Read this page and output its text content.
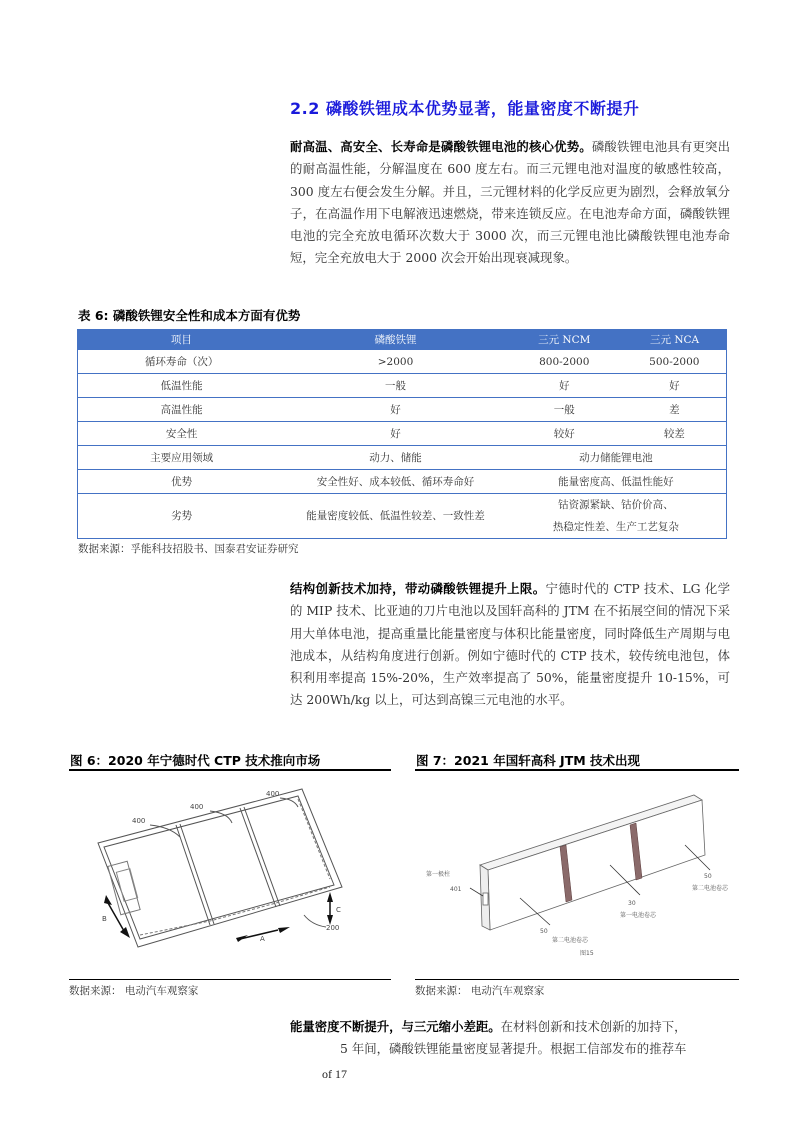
2.2 磷酸铁锂成本优势显著，能量密度不断提升
耐高温、高安全、长寿命是磷酸铁锂电池的核心优势。磷酸铁锂电池具有更突出的耐高温性能，分解温度在 600 度左右。而三元锂电池对温度的敏感性较高，300 度左右便会发生分解。并且，三元锂材料的化学反应更为剧烈，会释放氧分子，在高温作用下电解液迅速燃烧，带来连锁反应。在电池寿命方面，磷酸铁锂电池的完全充放电循环次数大于 3000 次，而三元锂电池比磷酸铁锂电池寿命短，完全充放电大于 2000 次会开始出现衰减现象。
表 6: 磷酸铁锂安全性和成本方面有优势
项目	磷酸铁锂	三元 NCM	三元 NCA
循环寿命（次）	>2000	800-2000	500-2000
低温性能	一般	好	好
高温性能	好	一般	差
安全性	好	较好	较差
主要应用领域	动力、储能	动力储能锂电池	
优势	安全性好、成本较低、循环寿命好	能量密度高、低温性能好	
劣势	能量密度较低、低温性较差、一致性差	钴资源紧缺、钴价价高、
热稳定性差、生产工艺复杂	
数据来源：孚能科技招股书、国泰君安证券研究
结构创新技术加持，带动磷酸铁锂提升上限。宁德时代的 CTP 技术、LG 化学的 MIP 技术、比亚迪的刀片电池以及国轩高科的 JTM 在不拓展空间的情况下采用大单体电池，提高重量比能量密度与体积比能量密度，同时降低生产周期与电池成本，从结构角度进行创新。例如宁德时代的 CTP 技术，较传统电池包，体积利用率提高 15%-20%，生产效率提高了 50%，能量密度提升 10-15%，可达 200Wh/kg 以上，可达到高镍三元电池的水平。
图 6：2020 年宁德时代 CTP 技术推向市场
400
400
400
200
A
B
C
数据来源： 电动汽车观察家
图 7：2021 年国轩高科 JTM 技术出现
第一极柱
401
50
第二电池卷芯
30
第一电池卷芯
50
第二电池卷芯
图15
数据来源： 电动汽车观察家
能量密度不断提升，与三元缩小差距。在材料创新和技术创新的加持下，
5 年间，磷酸铁锂能量密度显著提升。根据工信部发布的推荐车
of 17
